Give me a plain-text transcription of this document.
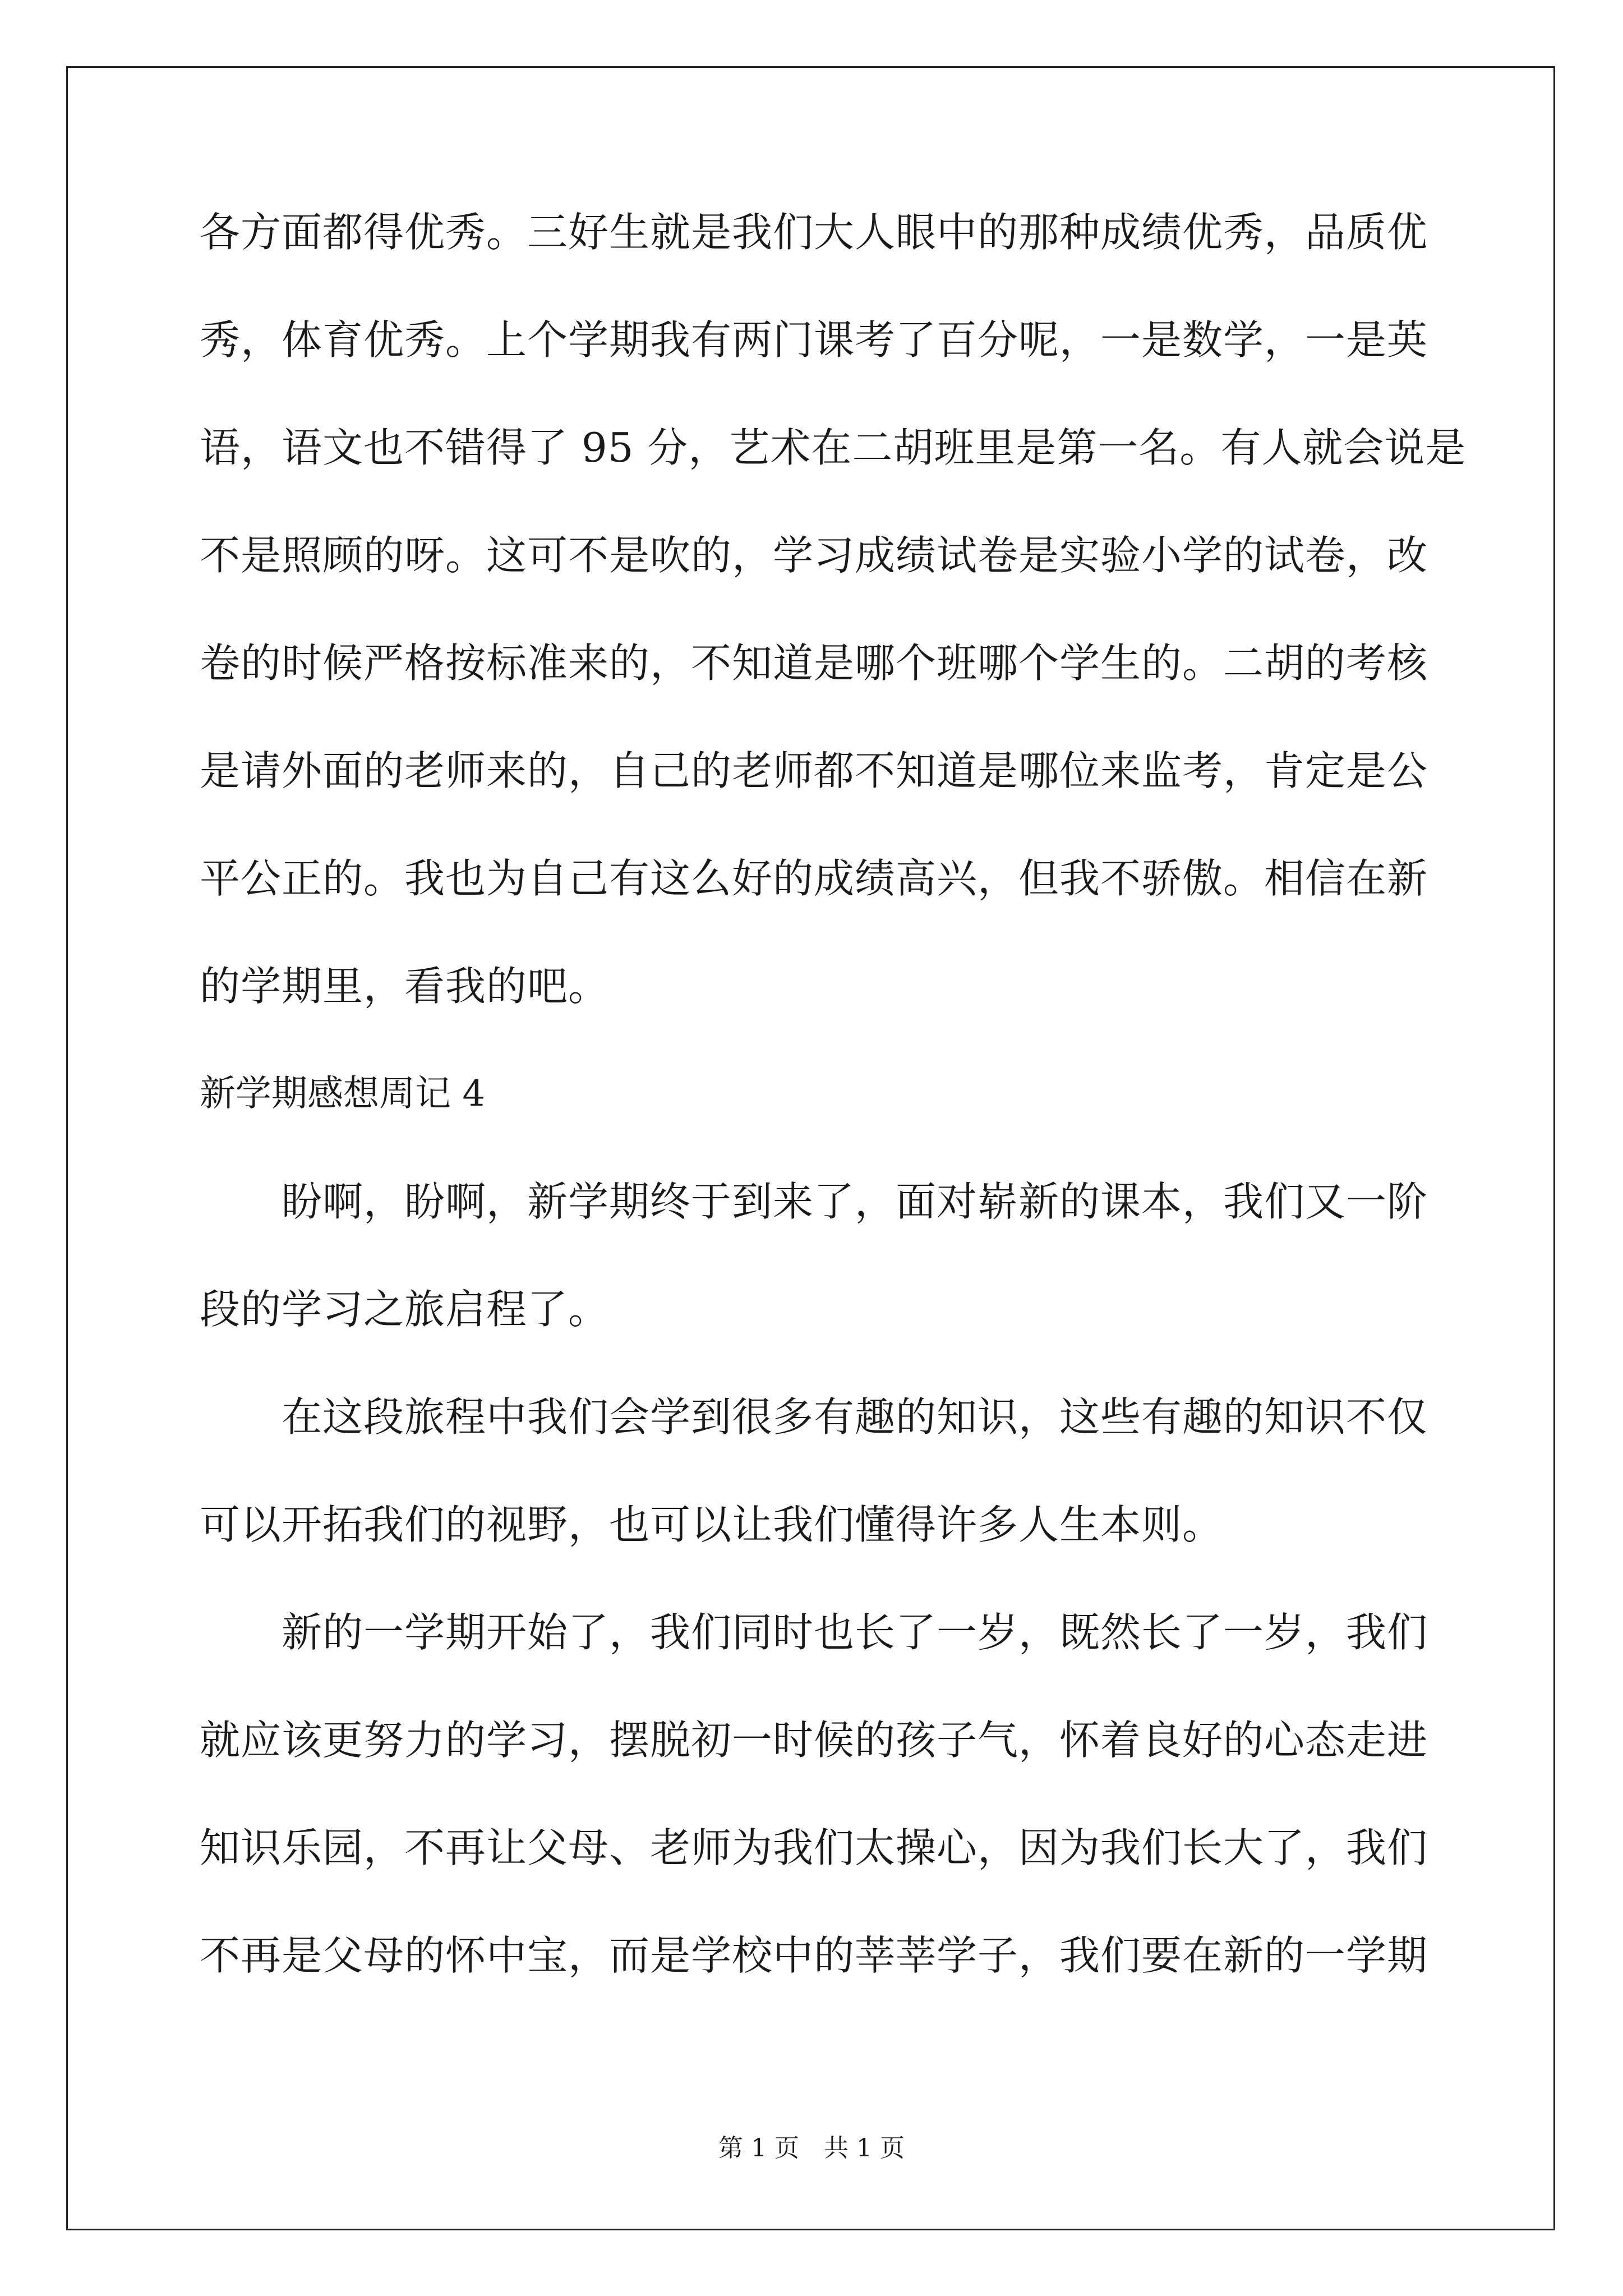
各方面都得优秀。三好生就是我们大人眼中的那种成绩优秀，品质优
秀，体育优秀。上个学期我有两门课考了百分呢，一是数学，一是英
语，语文也不错得了 95 分，艺术在二胡班里是第一名。有人就会说是
不是照顾的呀。这可不是吹的，学习成绩试卷是实验小学的试卷，改
卷的时候严格按标准来的，不知道是哪个班哪个学生的。二胡的考核
是请外面的老师来的，自己的老师都不知道是哪位来监考，肯定是公
平公正的。我也为自己有这么好的成绩高兴，但我不骄傲。相信在新
的学期里，看我的吧。
新学期感想周记 4
盼啊，盼啊，新学期终于到来了，面对崭新的课本，我们又一阶
段的学习之旅启程了。
在这段旅程中我们会学到很多有趣的知识，这些有趣的知识不仅
可以开拓我们的视野，也可以让我们懂得许多人生本则。
新的一学期开始了，我们同时也长了一岁，既然长了一岁，我们
就应该更努力的学习，摆脱初一时候的孩子气，怀着良好的心态走进
知识乐园，不再让父母、老师为我们太操心，因为我们长大了，我们
不再是父母的怀中宝，而是学校中的莘莘学子，我们要在新的一学期
第 1 页　共 1 页
